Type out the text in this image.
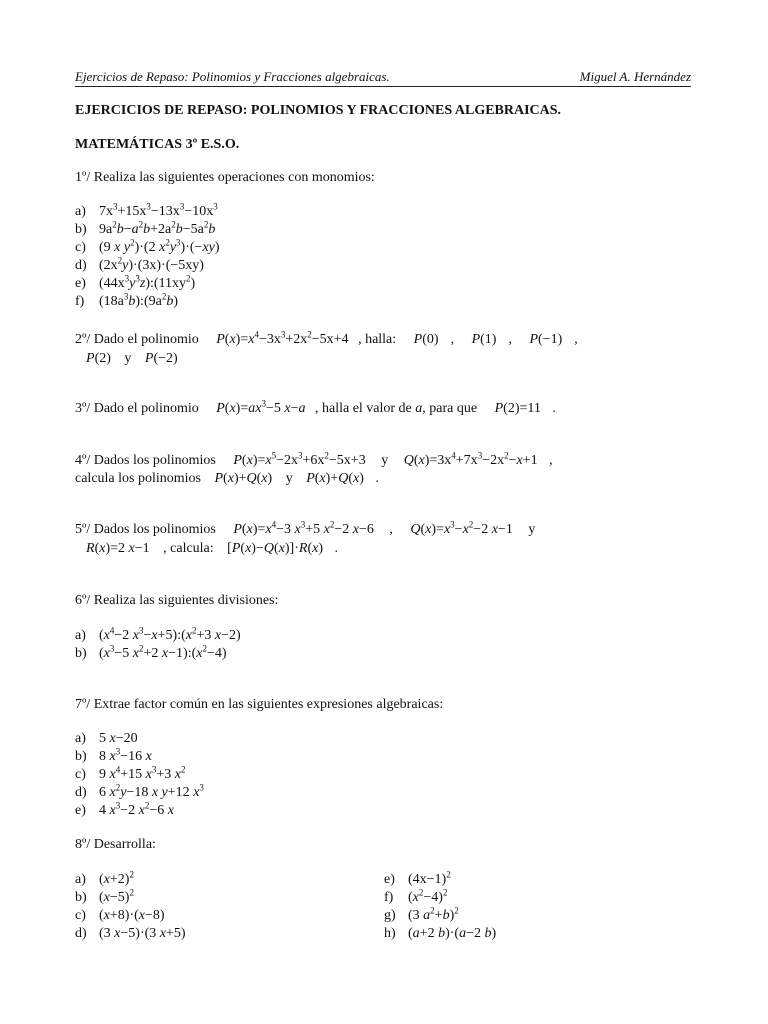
Ejercicios de Repaso: Polinomios y Fracciones algebraicas.	Miguel A. Hernández
EJERCICIOS DE REPASO: POLINOMIOS Y FRACCIONES ALGEBRAICAS.
MATEMÁTICAS 3º E.S.O.
1º/ Realiza las siguientes operaciones con monomios:
a) $7x^3+15x^3-13x^3-10x^3$
b) $9a^2b-a^2b+2a^2b-5a^2b$
c) (9 x $y^2)\cdot(2$ $x^2y^3)\cdot(-xy)$
d) $(2x^2y)\cdot(3x)\cdot(-5xy)$
e) $(44x^3y^3z):(11xy^2)$
f)	$(18a^3b):(9a^2b)$
2º/ Dado el polinomio $P(x)=x^4-3x^3+2x^2-5x+4$ , halla: P(0) , P(1) , P(−1) ,
P(2) y P(−2)
3º/ Dado el polinomio $P(x)=ax^3-5$ x−a , halla el valor de a, para que P(2)=11 .
4º/ Dados los polinomios $P(x)=x^5-2x^3+6x^2-5x+3$ y $Q(x)=3x^4+7x^3-2x^2-x+1$ ,
calcula los polinomios P(x)+Q(x) y P(x)+Q(x) .
5º/ Dados los polinomios $P(x)=x^4-3$ $x^3+5$ $x^2-2$ x−6 , $Q(x)=x^3-x^2-2$ x−1 y
R(x)=2 x−1 , calcula: [P(x)−Q(x)]·R(x) .
6º/ Realiza las siguientes divisiones:
a) ($x^4-2$ $x^3-x+5):(x^2+3$ x−2)
b) ($x^3-5$ $x^2+2$ $x-1):(x^2-4)$
7º/ Extrae factor común en las siguientes expresiones algebraicas:
a) 5 x−20
b) 8 $x^3-16$ x
c) 9 $x^4+15$ $x^3+3$ $x^2$
d) 6 $x^2y-18$ x y+12 $x^3$
e) 4 $x^3-2$ $x^2-6$ x
8º/ Desarrolla:
a) $(x+2)^2$
b) $(x-5)^2$
c) (x+8)·(x−8)
d) (3 x−5)·(3 x+5)
e) $(4x-1)^2$
f)	$(x^2-4)^2$
g) (3 $a^2+b)^2$
h) (a+2 b)·(a−2 b)
